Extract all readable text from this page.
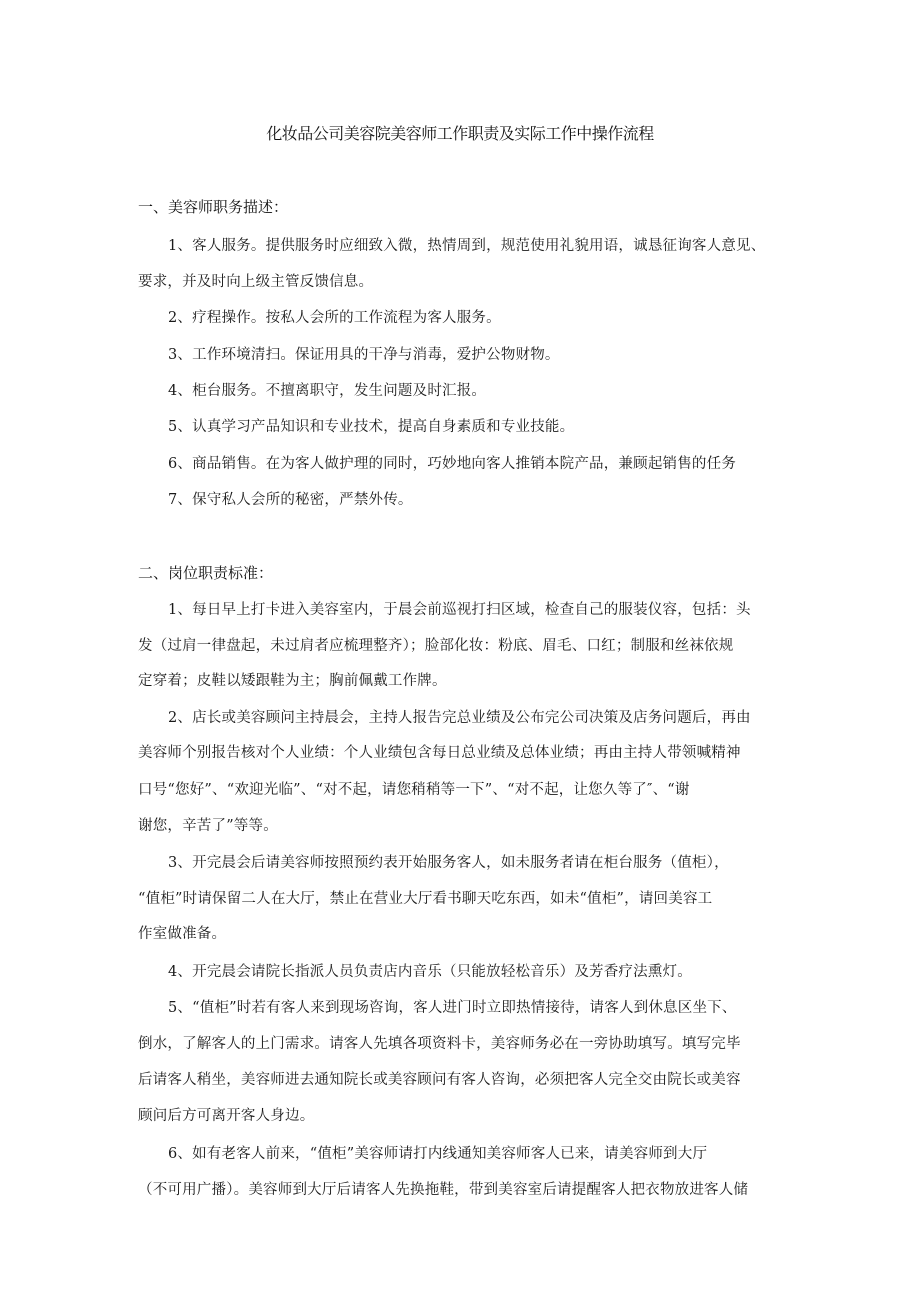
化妆品公司美容院美容师工作职责及实际工作中操作流程
一、美容师职务描述：
1、客人服务。提供服务时应细致入微，热情周到，规范使用礼貌用语，诚恳征询客人意见、
要求，并及时向上级主管反馈信息。
2、疗程操作。按私人会所的工作流程为客人服务。
3、工作环境清扫。保证用具的干净与消毒，爱护公物财物。
4、柜台服务。不擅离职守，发生问题及时汇报。
5、认真学习产品知识和专业技术，提高自身素质和专业技能。
6、商品销售。在为客人做护理的同时，巧妙地向客人推销本院产品，兼顾起销售的任务
7、保守私人会所的秘密，严禁外传。
二、岗位职责标准：
1、每日早上打卡进入美容室内，于晨会前巡视打扫区域，检查自己的服装仪容，包括：头
发（过肩一律盘起，未过肩者应梳理整齐）；脸部化妆：粉底、眉毛、口红；制服和丝袜依规
定穿着；皮鞋以矮跟鞋为主；胸前佩戴工作牌。
2、店长或美容顾问主持晨会，主持人报告完总业绩及公布完公司决策及店务问题后，再由
美容师个别报告核对个人业绩：个人业绩包含每日总业绩及总体业绩；再由主持人带领喊精神
口号“您好”、“欢迎光临”、“对不起，请您稍稍等一下”、“对不起，让您久等了″、“谢
谢您，辛苦了”等等。
3、开完晨会后请美容师按照预约表开始服务客人，如未服务者请在柜台服务（值柜），
“值柜”时请保留二人在大厅，禁止在营业大厅看书聊天吃东西，如未“值柜”，请回美容工
作室做准备。
4、开完晨会请院长指派人员负责店内音乐（只能放轻松音乐）及芳香疗法熏灯。
5、“值柜”时若有客人来到现场咨询，客人进门时立即热情接待，请客人到休息区坐下、
倒水，了解客人的上门需求。请客人先填各项资料卡，美容师务必在一旁协助填写。填写完毕
后请客人稍坐，美容师进去通知院长或美容顾问有客人咨询，必须把客人完全交由院长或美容
顾问后方可离开客人身边。
6、如有老客人前来，“值柜”美容师请打内线通知美容师客人已来，请美容师到大厅
（不可用广播）。美容师到大厅后请客人先换拖鞋，带到美容室后请提醒客人把衣物放进客人储
